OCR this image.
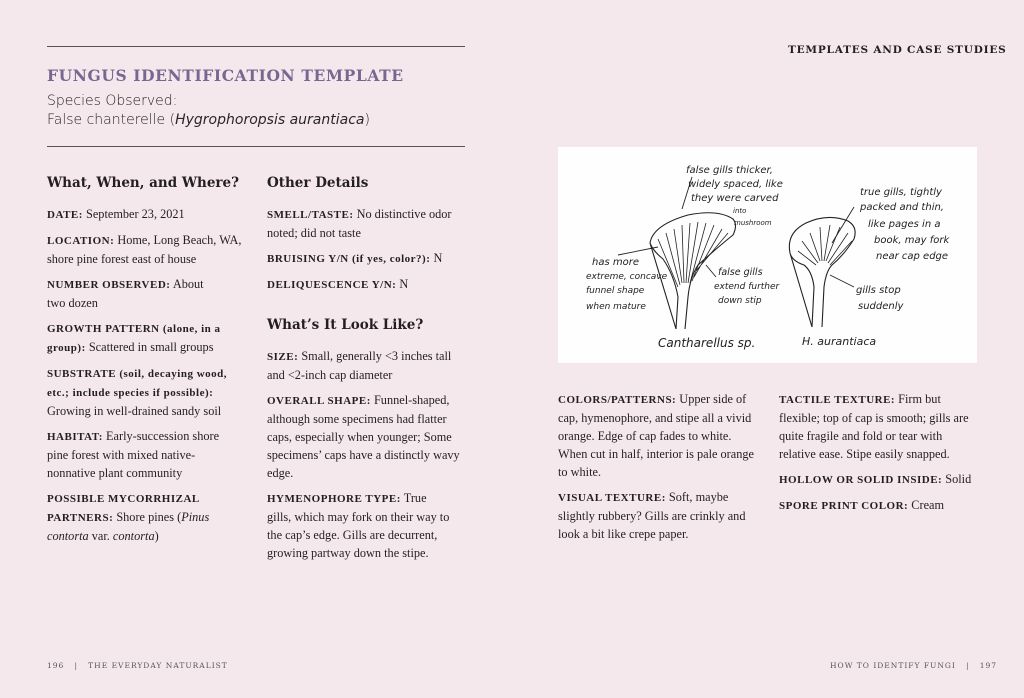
FUNGUS IDENTIFICATION TEMPLATE
Species Observed:
False chanterelle (Hygrophoropsis aurantiaca)
TEMPLATES AND CASE STUDIES
What, When, and Where?

DATE: September 23, 2021

LOCATION: Home, Long Beach, WA, shore pine forest east of house

NUMBER OBSERVED: About two dozen

GROWTH PATTERN (alone, in a group): Scattered in small groups

SUBSTRATE (soil, decaying wood, etc.; include species if possible): Growing in well-drained sandy soil

HABITAT: Early-succession shore pine forest with mixed native-nonnative plant community

POSSIBLE MYCORRHIZAL PARTNERS: Shore pines (Pinus contorta var. contorta)

Other Details

SMELL/TASTE: No distinctive odor noted; did not taste

BRUISING Y/N (if yes, color?): N

DELIQUESCENCE Y/N: N

What’s It Look Like?

SIZE: Small, generally <3 inches tall and <2-inch cap diameter

OVERALL SHAPE: Funnel-shaped, although some specimens had flatter caps, especially when younger; Some specimens’ caps have a distinctly wavy edge.

HYMENOPHORE TYPE: True gills, which may fork on their way to the cap’s edge. Gills are decurrent, growing partway down the stipe.

false gills thicker,
widely spaced, like
they were carved
into
mushroom
has more
extreme, concave
funnel shape
when mature
false gills
extend further
down stip
true gills, tightly
packed and thin,
like pages in a
book, may fork
near cap edge
gills stop
suddenly
Cantharellus sp.	H. aurantiaca

COLORS/PATTERNS: Upper side of cap, hymenophore, and stipe all a vivid orange. Edge of cap fades to white. When cut in half, interior is pale orange to white.

VISUAL TEXTURE: Soft, maybe slightly rubbery? Gills are crinkly and look a bit like crepe paper.

TACTILE TEXTURE: Firm but flexible; top of cap is smooth; gills are quite fragile and fold or tear with relative ease. Stipe easily snapped.

HOLLOW OR SOLID INSIDE: Solid

SPORE PRINT COLOR: Cream

196 | THE EVERYDAY NATURALIST	HOW TO IDENTIFY FUNGI | 197
